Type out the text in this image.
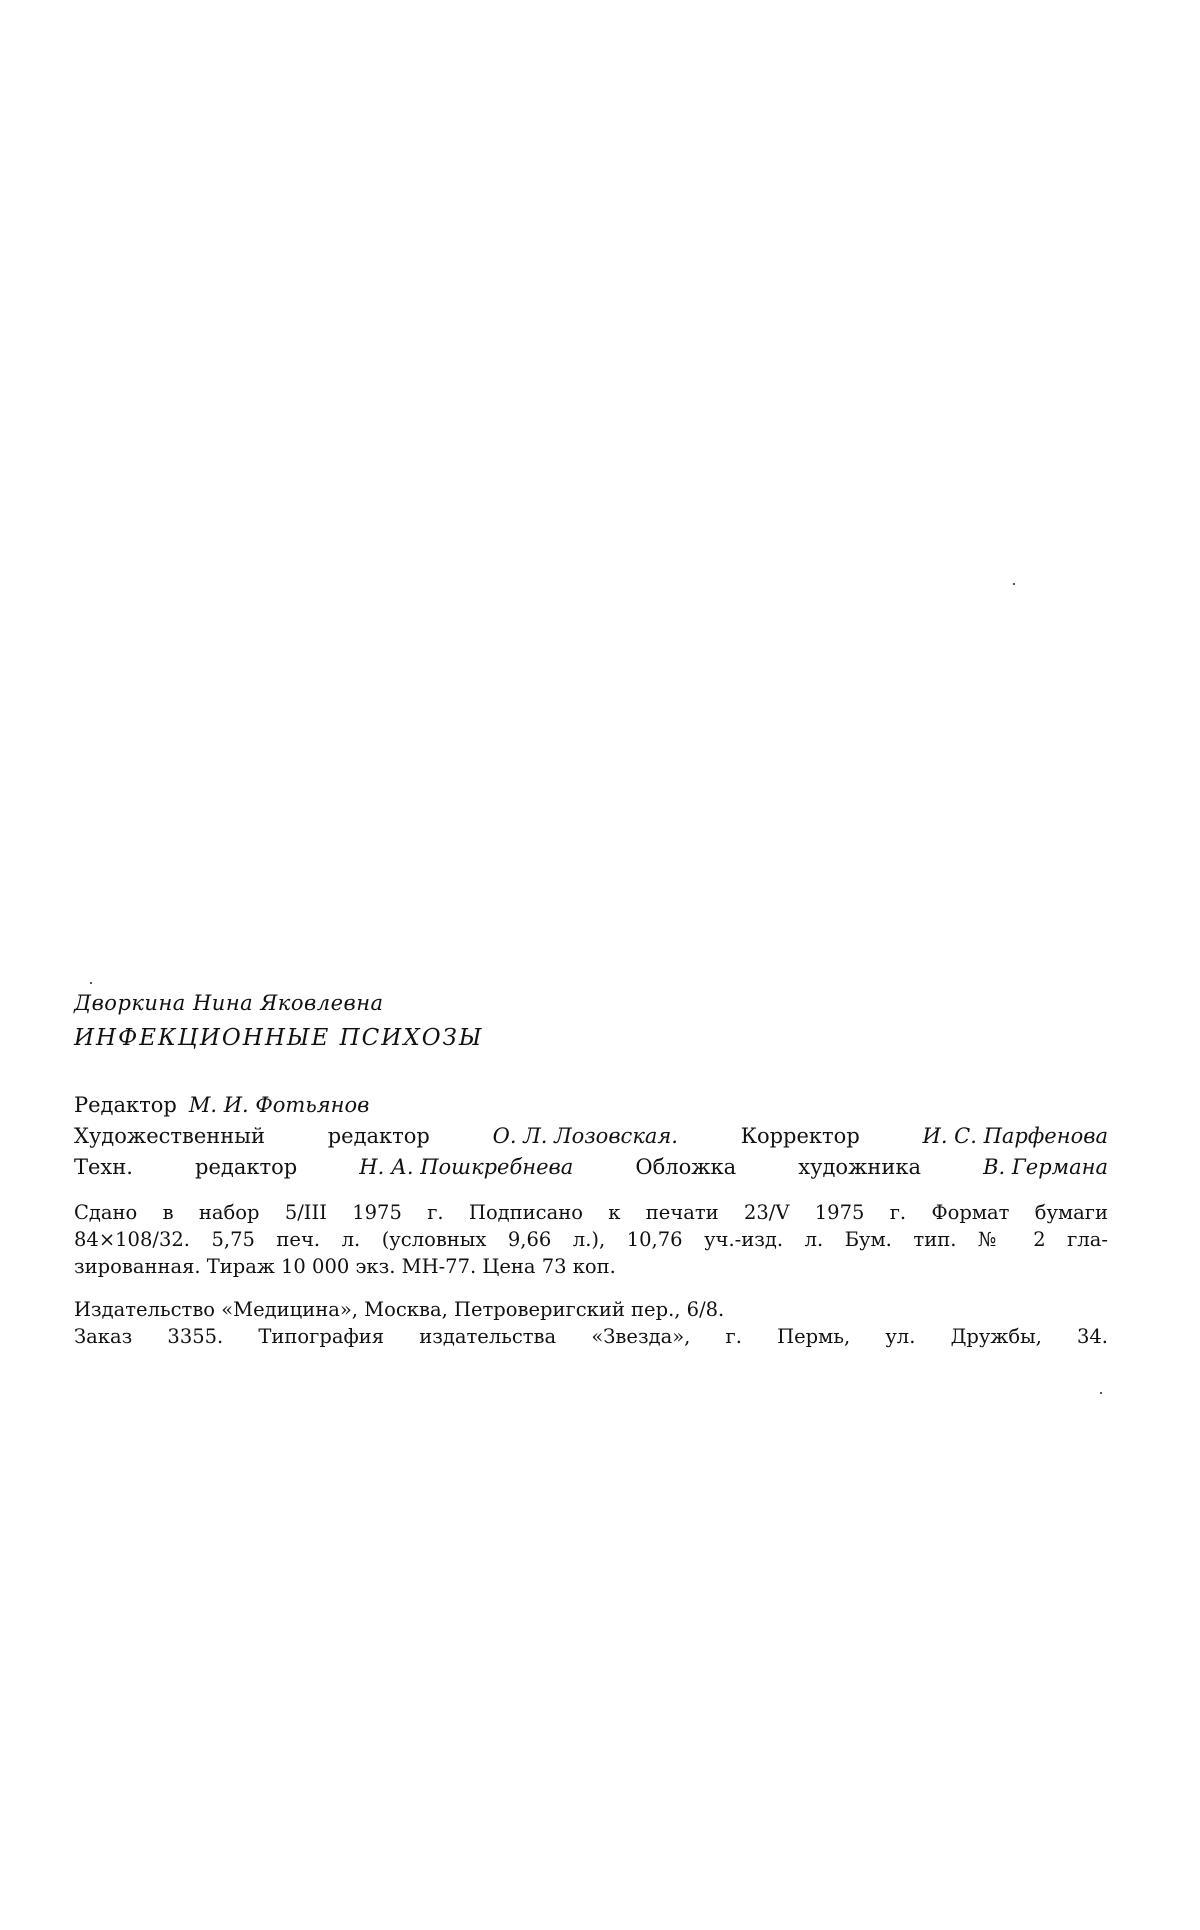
Дворкина Нина Яковлевна
ИНФЕКЦИОННЫЕ ПСИХОЗЫ
Редактор М. И. Фотьянов
Художественный	редактор	О. Л. Лозовская.	Корректор	И. С. Парфенова
Техн.	редактор	Н. А. Пошкребнева	Обложка	художника	В. Германа
Сдано в набор 5/III 1975 г. Подписано к печати 23/V 1975 г. Формат бумаги
84×108/32. 5,75 печ. л. (условных 9,66 л.), 10,76 уч.-изд. л. Бум. тип. № 2 гла-
зированная. Тираж 10 000 экз. МН-77. Цена 73 коп.
Издательство «Медицина», Москва, Петроверигский пер., 6/8.
Заказ 3355. Типография издательства «Звезда», г. Пермь, ул. Дружбы, 34.
